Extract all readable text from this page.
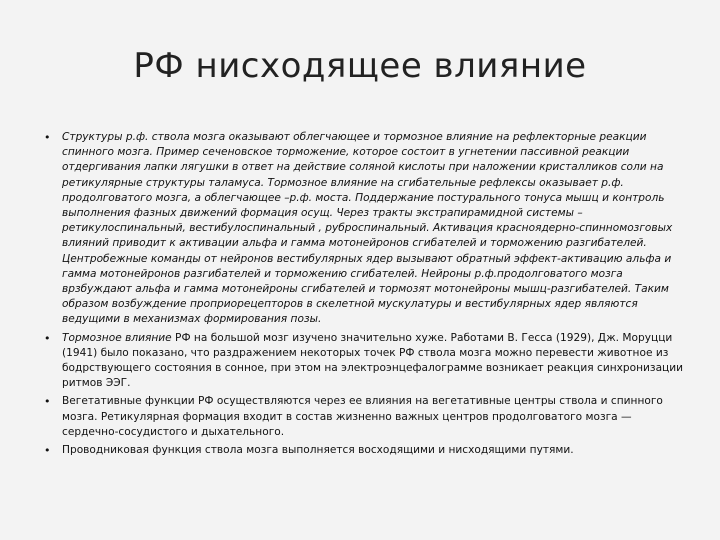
РФ нисходящее влияние
• Структуры р.ф. ствола мозга оказывают облегчающее и тормозное влияние на рефлекторные реакции спинного мозга. Пример сеченовское торможение, которое состоит в угнетении пассивной реакции отдергивания лапки лягушки в ответ на действие соляной кислоты при наложении кристалликов соли на ретикулярные структуры таламуса. Тормозное влияние на сгибательные рефлексы оказывает р.ф. продолговатого мозга, а облегчающее –р.ф. моста. Поддержание постурального тонуса мышц и контроль выполнения фазных движений формация осущ. Через тракты экстрапирамидной системы –ретикулоспинальный, вестибулоспинальный , руброспинальный. Активация красноядерно-спинномозговых влияний приводит к активации альфа и гамма мотонейронов сгибателей и торможению разгибателей. Центробежные команды от нейронов вестибулярных ядер вызывают обратный эффект-активацию альфа и гамма мотонейронов разгибателей и торможению сгибателей. Нейроны р.ф.продолговатого мозга врзбуждают альфа и гамма мотонейроны сгибателей и тормозят мотонейроны мышц-разгибателей. Таким образом возбуждение проприорецепторов в скелетной мускулатуры и вестибулярных ядер являются ведущими в механизмах формирования позы.
• Тормозное влияние РФ на большой мозг изучено значительно хуже. Работами В. Гесса (1929), Дж. Моруцци (1941) было показано, что раздражением некоторых точек РФ ствола мозга можно перевести животное из бодрствующего состояния в сонное, при этом на электроэнцефалограмме возникает реакция синхронизации ритмов ЭЭГ.
• Вегетативные функции РФ осуществляются через ее влияния на вегетативные центры ствола и спинного мозга. Ретикулярная формация входит в состав жизненно важных центров продолговатого мозга — сердечно-сосудистого и дыхательного.
• Проводниковая функция ствола мозга выполняется восходящими и нисходящими путями.
